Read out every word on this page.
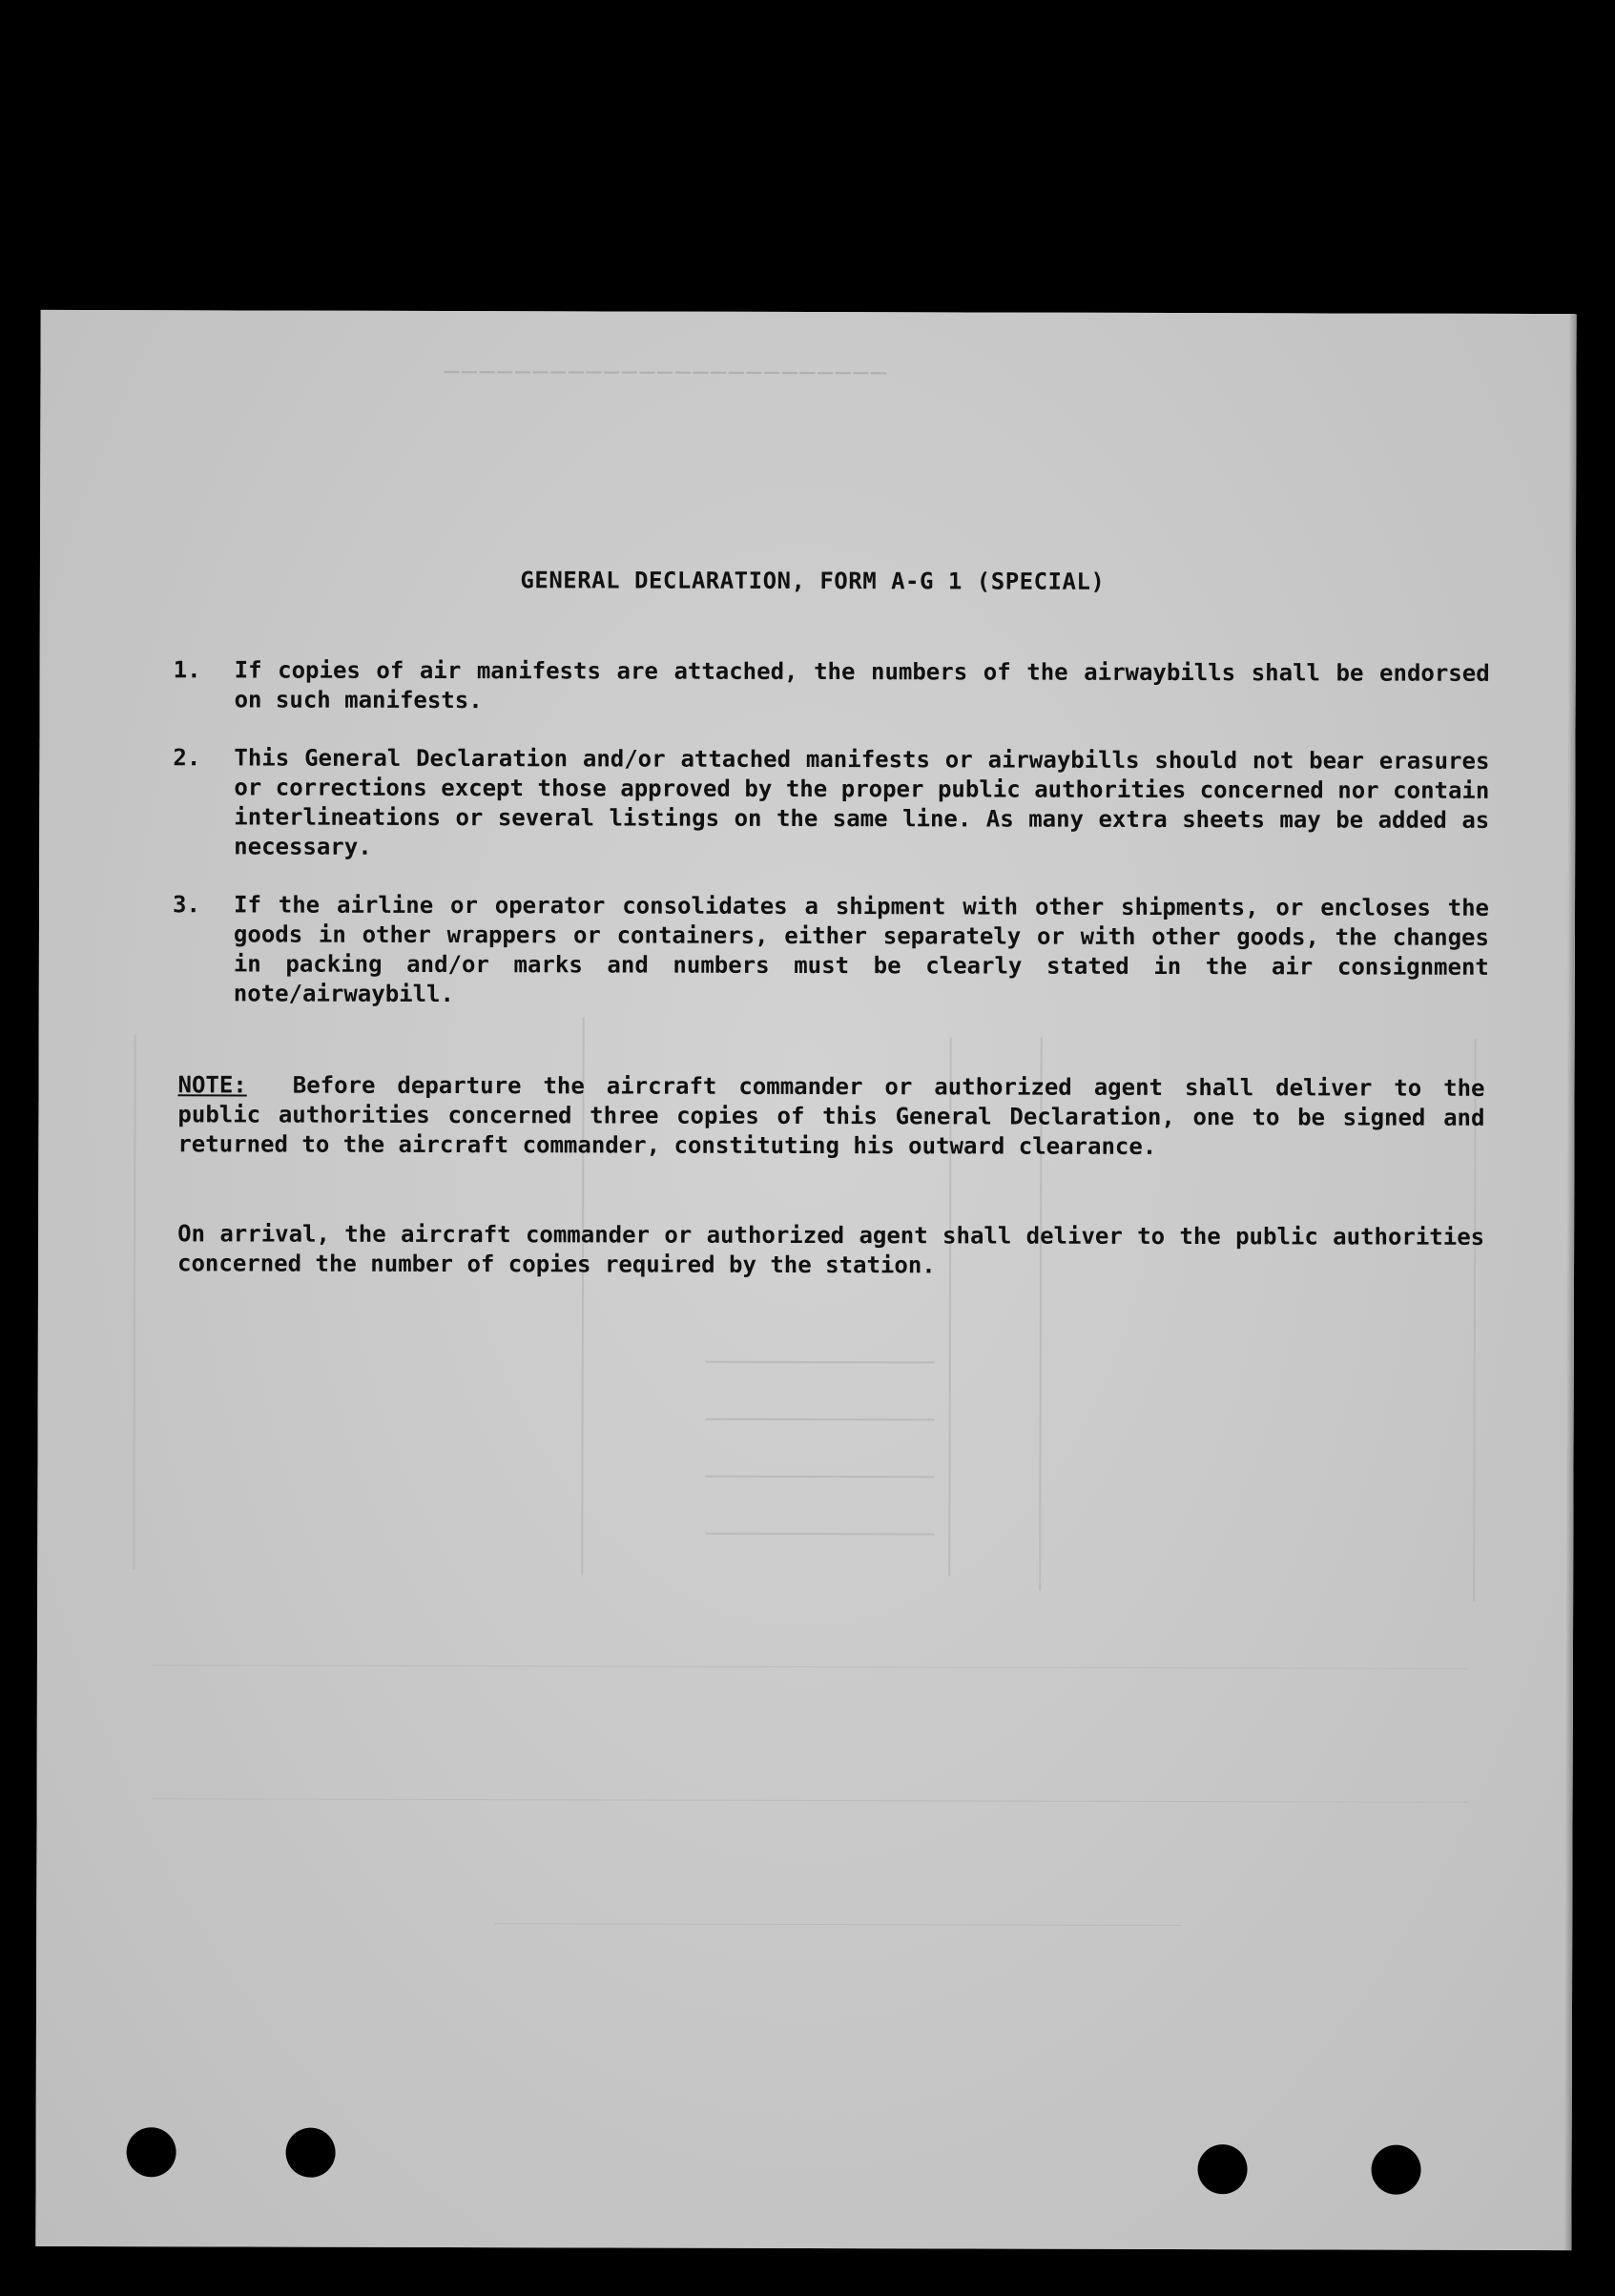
─────────────────────────
GENERAL DECLARATION, FORM A-G 1 (SPECIAL)
1.	If copies of air manifests are attached, the numbers of the airwaybills shall be endorsed on such manifests.
2.	This General Declaration and/or attached manifests or airwaybills should not bear erasures or corrections except those approved by the proper public authorities concerned nor contain interlineations or several listings on the same line. As many extra sheets may be added as necessary.
3.	If the airline or operator consolidates a shipment with other shipments, or encloses the goods in other wrappers or containers, either separately or with other goods, the changes in packing and/or marks and numbers must be clearly stated in the air consignment note/airwaybill.
NOTE: Before departure the aircraft commander or authorized agent shall deliver to the public authorities concerned three copies of this General Declaration, one to be signed and returned to the aircraft commander, constituting his outward clearance.
On arrival, the aircraft commander or authorized agent shall deliver to the public authorities concerned the number of copies required by the station.
